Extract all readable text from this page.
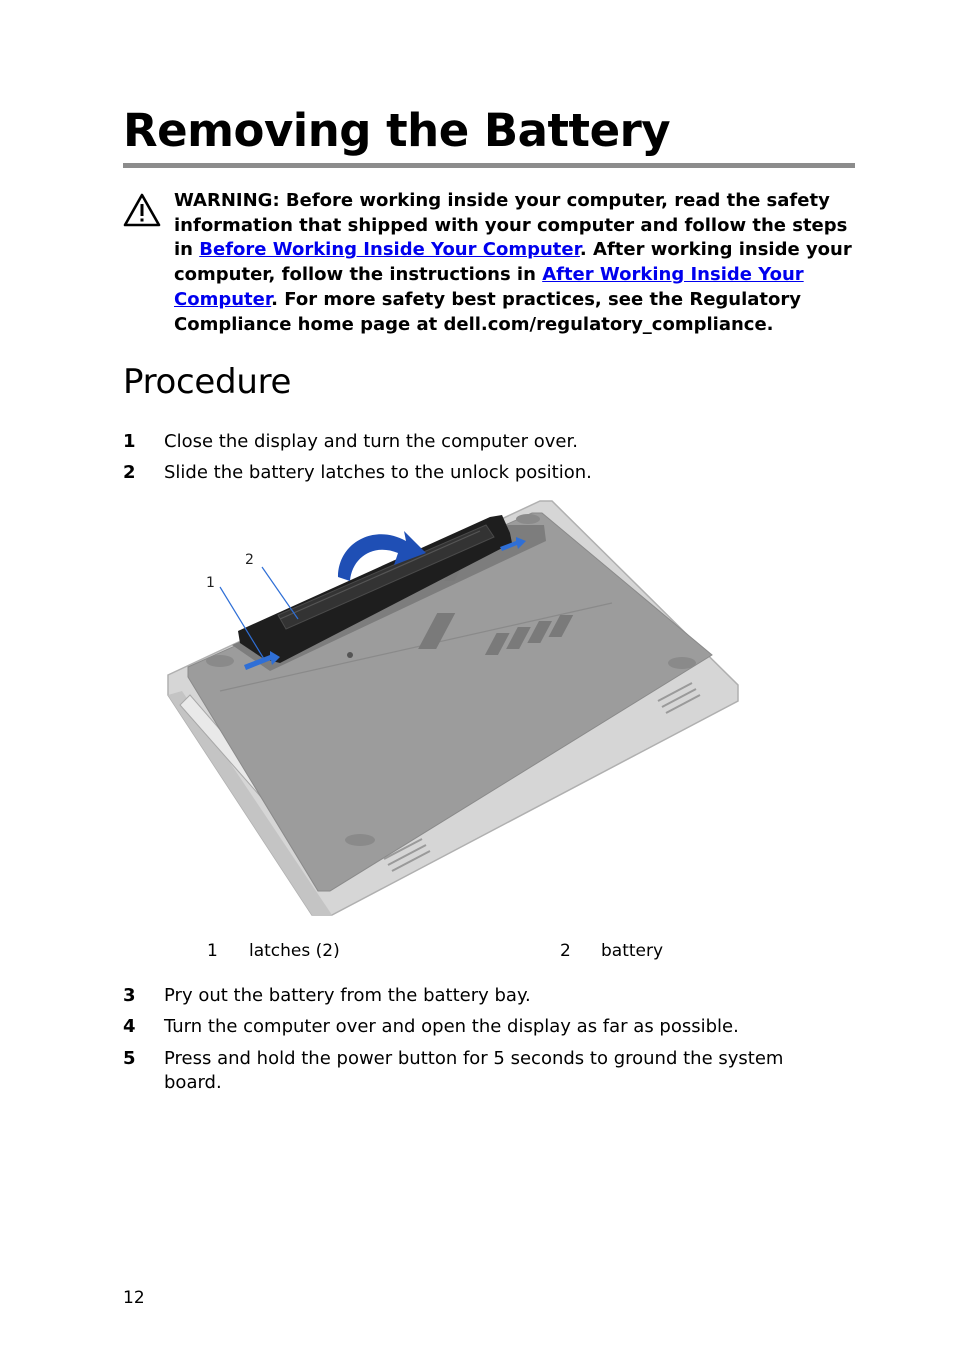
Removing the Battery
WARNING: Before working inside your computer, read the safety information that shipped with your computer and follow the steps in Before Working Inside Your Computer. After working inside your computer, follow the instructions in After Working Inside Your Computer. For more safety best practices, see the Regulatory Compliance home page at dell.com/regulatory_compliance.
Procedure
1 Close the display and turn the computer over.
2 Slide the battery latches to the unlock position.
1
2
1 latches (2)	2 battery
3 Pry out the battery from the battery bay.
4 Turn the computer over and open the display as far as possible.
5 Press and hold the power button for 5 seconds to ground the system board.
12
